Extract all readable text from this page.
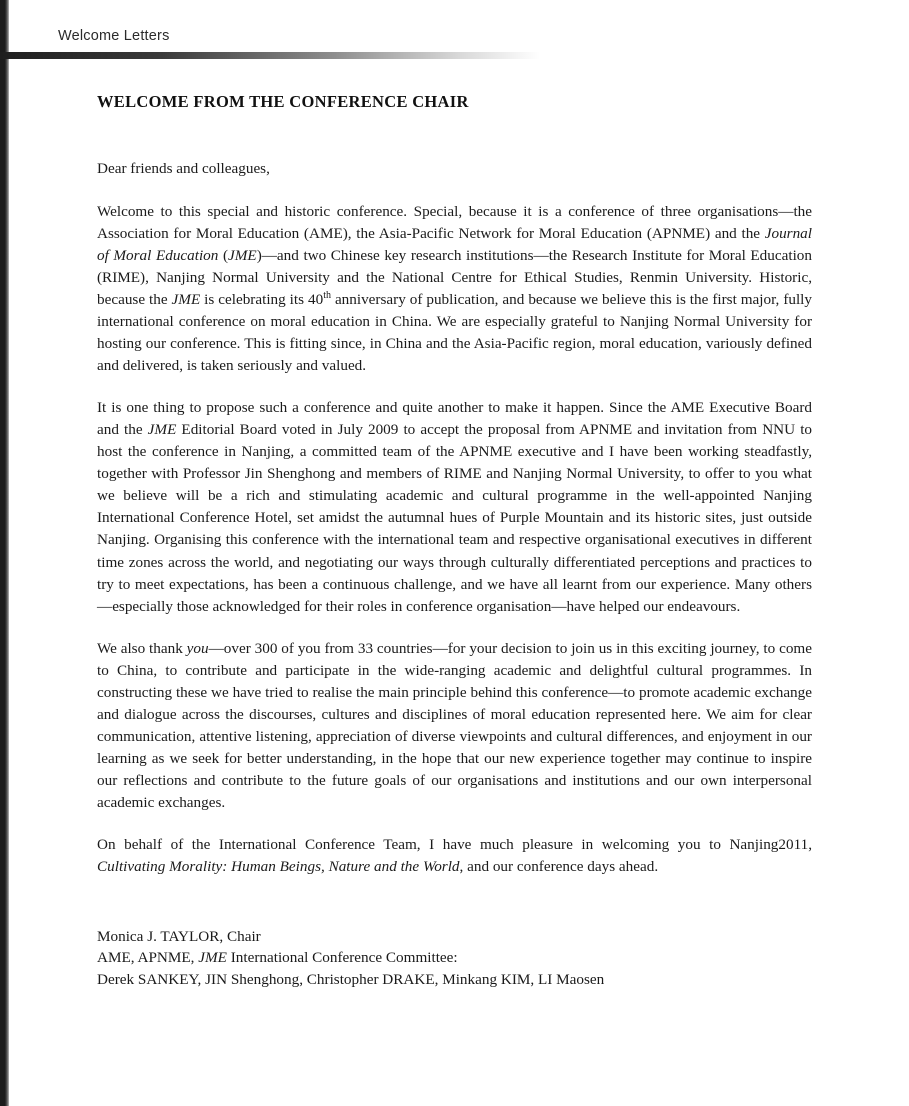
Welcome Letters
WELCOME FROM THE CONFERENCE CHAIR

Dear friends and colleagues,

Welcome to this special and historic conference. Special, because it is a conference of three organisations—the Association for Moral Education (AME), the Asia-Pacific Network for Moral Education (APNME) and the Journal of Moral Education (JME)—and two Chinese key research institutions—the Research Institute for Moral Education (RIME), Nanjing Normal University and the National Centre for Ethical Studies, Renmin University. Historic, because the JME is celebrating its 40th anniversary of publication, and because we believe this is the first major, fully international conference on moral education in China. We are especially grateful to Nanjing Normal University for hosting our conference. This is fitting since, in China and the Asia-Pacific region, moral education, variously defined and delivered, is taken seriously and valued.

It is one thing to propose such a conference and quite another to make it happen. Since the AME Executive Board and the JME Editorial Board voted in July 2009 to accept the proposal from APNME and invitation from NNU to host the conference in Nanjing, a committed team of the APNME executive and I have been working steadfastly, together with Professor Jin Shenghong and members of RIME and Nanjing Normal University, to offer to you what we believe will be a rich and stimulating academic and cultural programme in the well-appointed Nanjing International Conference Hotel, set amidst the autumnal hues of Purple Mountain and its historic sites, just outside Nanjing. Organising this conference with the international team and respective organisational executives in different time zones across the world, and negotiating our ways through culturally differentiated perceptions and practices to try to meet expectations, has been a continuous challenge, and we have all learnt from our experience. Many others—especially those acknowledged for their roles in conference organisation—have helped our endeavours.

We also thank you—over 300 of you from 33 countries—for your decision to join us in this exciting journey, to come to China, to contribute and participate in the wide-ranging academic and delightful cultural programmes. In constructing these we have tried to realise the main principle behind this conference—to promote academic exchange and dialogue across the discourses, cultures and disciplines of moral education represented here. We aim for clear communication, attentive listening, appreciation of diverse viewpoints and cultural differences, and enjoyment in our learning as we seek for better understanding, in the hope that our new experience together may continue to inspire our reflections and contribute to the future goals of our organisations and institutions and our own interpersonal academic exchanges.

On behalf of the International Conference Team, I have much pleasure in welcoming you to Nanjing2011, Cultivating Morality: Human Beings, Nature and the World, and our conference days ahead.

Monica J. TAYLOR, Chair
AME, APNME, JME International Conference Committee:
Derek SANKEY, JIN Shenghong, Christopher DRAKE, Minkang KIM, LI Maosen
